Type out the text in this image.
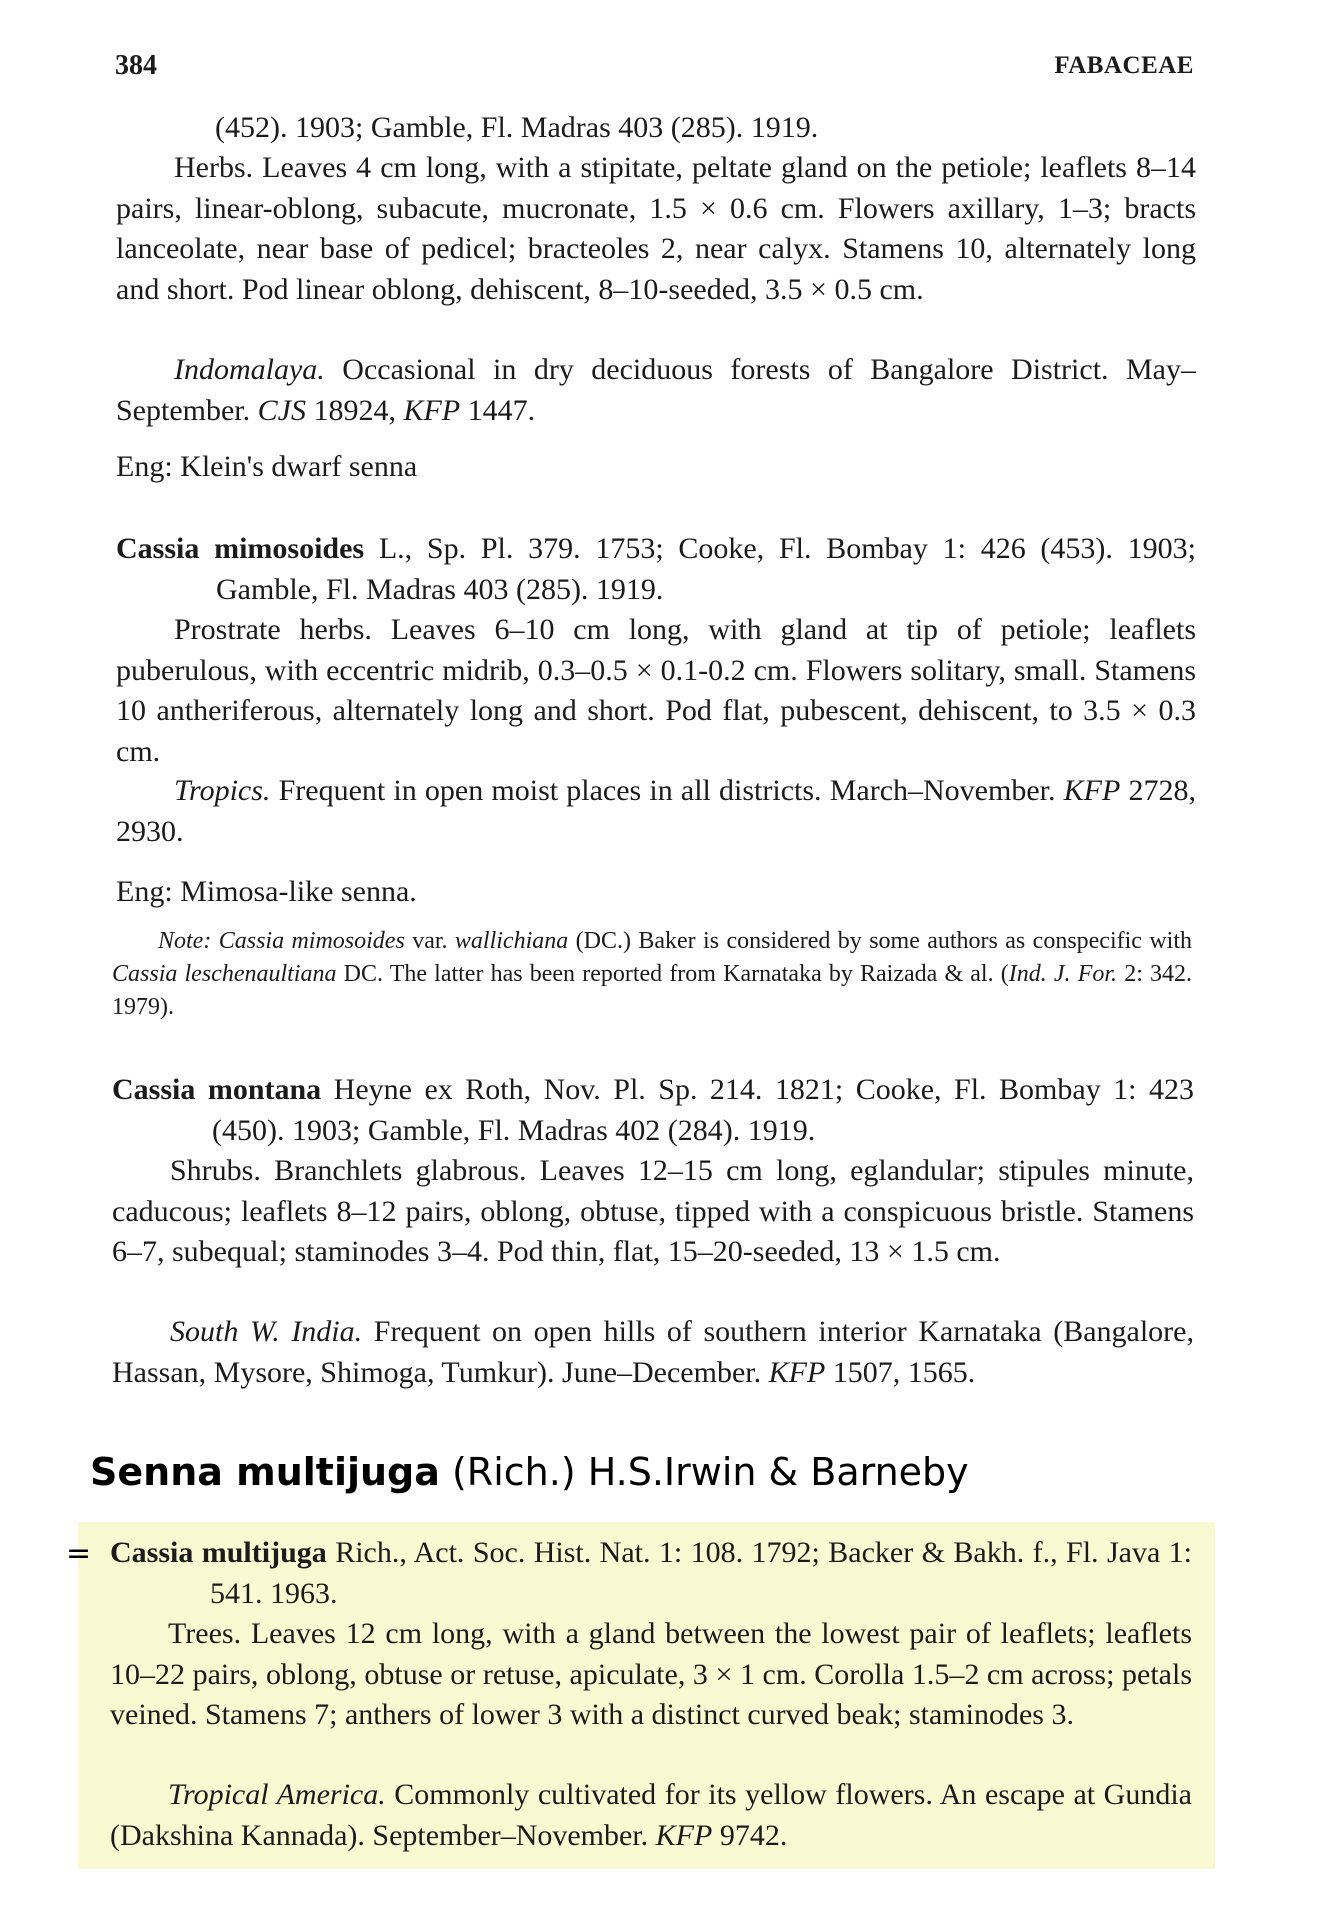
384	FABACEAE

(452). 1903; Gamble, Fl. Madras 403 (285). 1919.

Herbs. Leaves 4 cm long, with a stipitate, peltate gland on the petiole; leaflets 8–14 pairs, linear-oblong, subacute, mucronate, 1.5 × 0.6 cm. Flowers axillary, 1–3; bracts lanceolate, near base of pedicel; bracteoles 2, near calyx. Stamens 10, alternately long and short. Pod linear oblong, dehiscent, 8–10-seeded, 3.5 × 0.5 cm.

Indomalaya. Occasional in dry deciduous forests of Bangalore District. May–September. CJS 18924, KFP 1447.

Eng: Klein's dwarf senna

Cassia mimosoides L., Sp. Pl. 379. 1753; Cooke, Fl. Bombay 1: 426 (453). 1903; Gamble, Fl. Madras 403 (285). 1919.

Prostrate herbs. Leaves 6–10 cm long, with gland at tip of petiole; leaflets puberulous, with eccentric midrib, 0.3–0.5 × 0.1-0.2 cm. Flowers solitary, small. Stamens 10 antheriferous, alternately long and short. Pod flat, pubescent, dehiscent, to 3.5 × 0.3 cm.

Tropics. Frequent in open moist places in all districts. March–November. KFP 2728, 2930.

Eng: Mimosa-like senna.

Note: Cassia mimosoides var. wallichiana (DC.) Baker is considered by some authors as conspecific with Cassia leschenaultiana DC. The latter has been reported from Karnataka by Raizada & al. (Ind. J. For. 2: 342. 1979).

Cassia montana Heyne ex Roth, Nov. Pl. Sp. 214. 1821; Cooke, Fl. Bombay 1: 423 (450). 1903; Gamble, Fl. Madras 402 (284). 1919.

Shrubs. Branchlets glabrous. Leaves 12–15 cm long, eglandular; stipules minute, caducous; leaflets 8–12 pairs, oblong, obtuse, tipped with a conspicuous bristle. Stamens 6–7, subequal; staminodes 3–4. Pod thin, flat, 15–20-seeded, 13 × 1.5 cm.

South W. India. Frequent on open hills of southern interior Karnataka (Bangalore, Hassan, Mysore, Shimoga, Tumkur). June–December. KFP 1507, 1565.

Senna multijuga (Rich.) H.S.Irwin & Barneby
= Cassia multijuga Rich., Act. Soc. Hist. Nat. 1: 108. 1792; Backer & Bakh. f., Fl. Java 1: 541. 1963.

Trees. Leaves 12 cm long, with a gland between the lowest pair of leaflets; leaflets 10–22 pairs, oblong, obtuse or retuse, apiculate, 3 × 1 cm. Corolla 1.5–2 cm across; petals veined. Stamens 7; anthers of lower 3 with a distinct curved beak; staminodes 3.

Tropical America. Commonly cultivated for its yellow flowers. An escape at Gundia (Dakshina Kannada). September–November. KFP 9742.
